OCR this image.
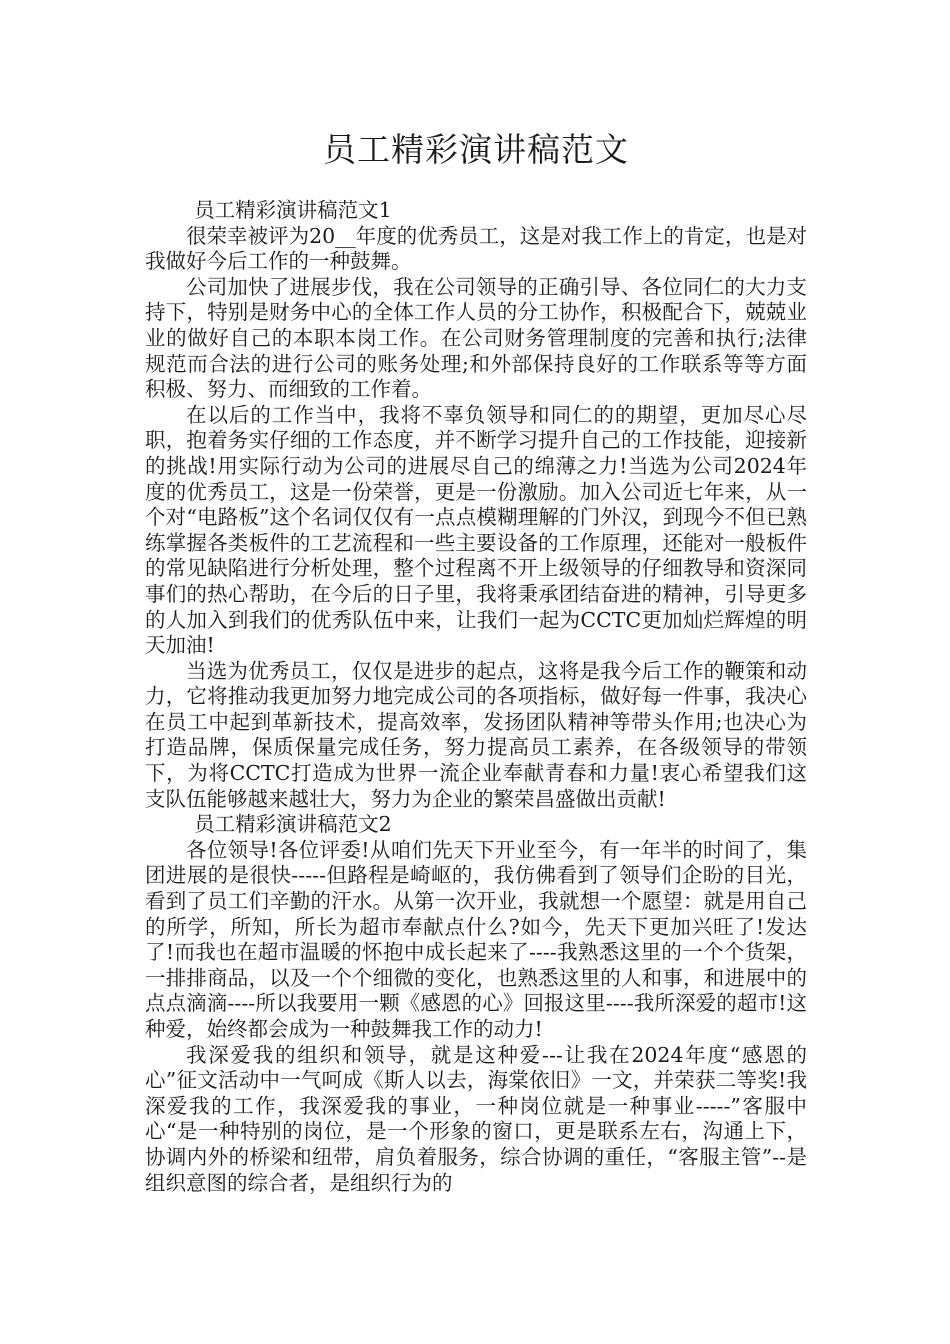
员工精彩演讲稿范文

员工精彩演讲稿范文1

很荣幸被评为20__年度的优秀员工，这是对我工作上的肯定，也是对我做好今后工作的一种鼓舞。

公司加快了进展步伐，我在公司领导的正确引导、各位同仁的大力支持下，特别是财务中心的全体工作人员的分工协作，积极配合下，兢兢业业的做好自己的本职本岗工作。在公司财务管理制度的完善和执行;法律规范而合法的进行公司的账务处理;和外部保持良好的工作联系等等方面积极、努力、而细致的工作着。

在以后的工作当中，我将不辜负领导和同仁的的期望，更加尽心尽职，抱着务实仔细的工作态度，并不断学习提升自己的工作技能，迎接新的挑战!用实际行动为公司的进展尽自己的绵薄之力!当选为公司2024年度的优秀员工，这是一份荣誉，更是一份激励。加入公司近七年来，从一个对“电路板”这个名词仅仅有一点点模糊理解的门外汉，到现今不但已熟练掌握各类板件的工艺流程和一些主要设备的工作原理，还能对一般板件的常见缺陷进行分析处理，整个过程离不开上级领导的仔细教导和资深同事们的热心帮助，在今后的日子里，我将秉承团结奋进的精神，引导更多的人加入到我们的优秀队伍中来，让我们一起为CCTC更加灿烂辉煌的明天加油!

当选为优秀员工，仅仅是进步的起点，这将是我今后工作的鞭策和动力，它将推动我更加努力地完成公司的各项指标，做好每一件事，我决心在员工中起到革新技术，提高效率，发扬团队精神等带头作用;也决心为打造品牌，保质保量完成任务，努力提高员工素养，在各级领导的带领下，为将CCTC打造成为世界一流企业奉献青春和力量!衷心希望我们这支队伍能够越来越壮大，努力为企业的繁荣昌盛做出贡献!

员工精彩演讲稿范文2

各位领导!各位评委!从咱们先天下开业至今，有一年半的时间了，集团进展的是很快-----但路程是崎岖的，我仿佛看到了领导们企盼的目光，看到了员工们辛勤的汗水。从第一次开业，我就想一个愿望：就是用自己的所学，所知，所长为超市奉献点什么?如今，先天下更加兴旺了!发达了!而我也在超市温暖的怀抱中成长起来了----我熟悉这里的一个个货架，一排排商品，以及一个个细微的变化，也熟悉这里的人和事，和进展中的点点滴滴----所以我要用一颗《感恩的心》回报这里----我所深爱的超市!这种爱，始终都会成为一种鼓舞我工作的动力!

我深爱我的组织和领导，就是这种爱---让我在2024年度“感恩的心”征文活动中一气呵成《斯人以去，海棠依旧》一文，并荣获二等奖!我深爱我的工作，我深爱我的事业，一种岗位就是一种事业-----”客服中心“是一种特别的岗位，是一个形象的窗口，更是联系左右，沟通上下，协调内外的桥梁和纽带，肩负着服务，综合协调的重任，“客服主管”--是组织意图的综合者，是组织行为的
